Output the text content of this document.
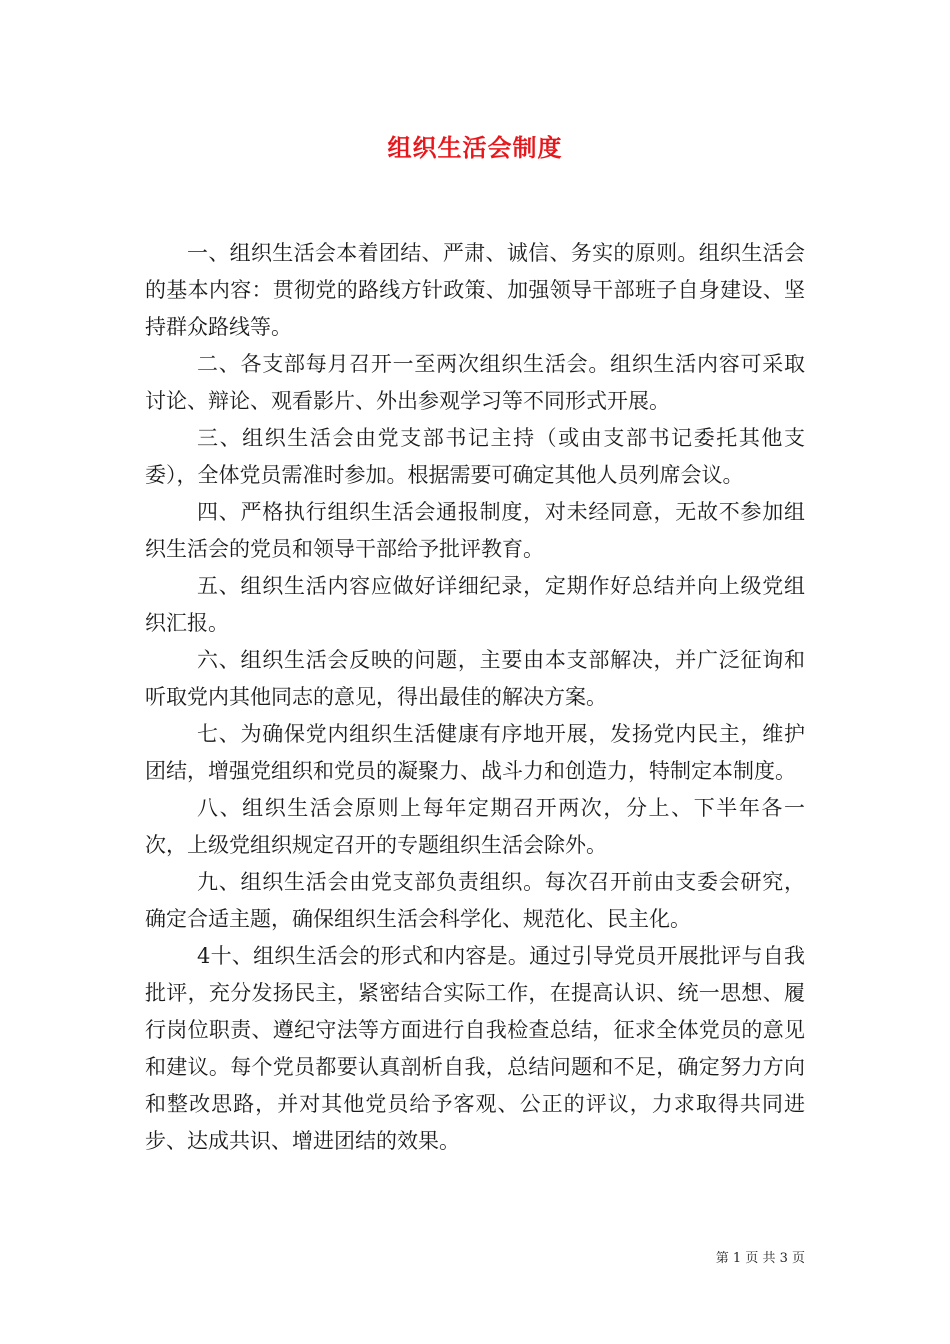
组织生活会制度

一、组织生活会本着团结、严肃、诚信、务实的原则。组织生活会的基本内容：贯彻党的路线方针政策、加强领导干部班子自身建设、坚持群众路线等。

二、各支部每月召开一至两次组织生活会。组织生活内容可采取讨论、辩论、观看影片、外出参观学习等不同形式开展。

三、组织生活会由党支部书记主持（或由支部书记委托其他支委），全体党员需准时参加。根据需要可确定其他人员列席会议。

四、严格执行组织生活会通报制度，对未经同意，无故不参加组织生活会的党员和领导干部给予批评教育。

五、组织生活内容应做好详细纪录，定期作好总结并向上级党组织汇报。

六、组织生活会反映的问题，主要由本支部解决，并广泛征询和听取党内其他同志的意见，得出最佳的解决方案。

七、为确保党内组织生活健康有序地开展，发扬党内民主，维护团结，增强党组织和党员的凝聚力、战斗力和创造力，特制定本制度。

八、组织生活会原则上每年定期召开两次，分上、下半年各一次，上级党组织规定召开的专题组织生活会除外。

九、组织生活会由党支部负责组织。每次召开前由支委会研究，确定合适主题，确保组织生活会科学化、规范化、民主化。

4十、组织生活会的形式和内容是。通过引导党员开展批评与自我批评，充分发扬民主，紧密结合实际工作，在提高认识、统一思想、履行岗位职责、遵纪守法等方面进行自我检查总结，征求全体党员的意见和建议。每个党员都要认真剖析自我，总结问题和不足，确定努力方向和整改思路，并对其他党员给予客观、公正的评议，力求取得共同进步、达成共识、增进团结的效果。

第 1 页 共 3 页
